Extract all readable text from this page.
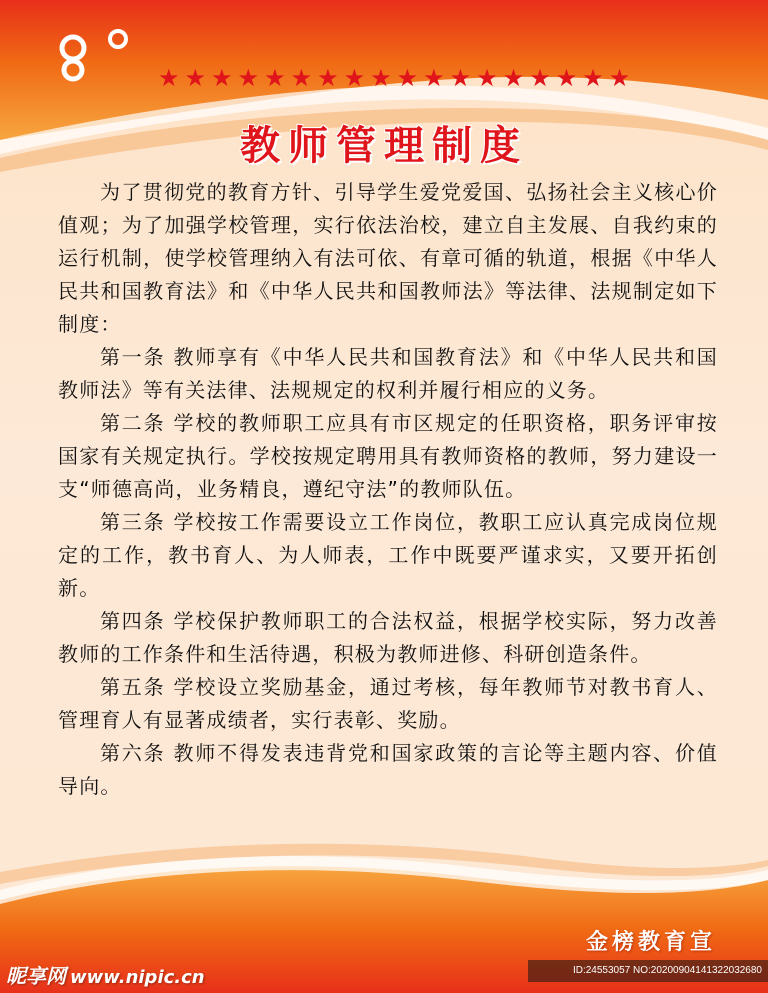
★★★★★★★★★★★★★★★★★★
教师管理制度

为了贯彻党的教育方针、引导学生爱党爱国、弘扬社会主义核心价值观；为了加强学校管理，实行依法治校，建立自主发展、自我约束的运行机制，使学校管理纳入有法可依、有章可循的轨道，根据《中华人民共和国教育法》和《中华人民共和国教师法》等法律、法规制定如下制度：

第一条 教师享有《中华人民共和国教育法》和《中华人民共和国教师法》等有关法律、法规规定的权利并履行相应的义务。

第二条 学校的教师职工应具有市区规定的任职资格，职务评审按国家有关规定执行。学校按规定聘用具有教师资格的教师，努力建设一支“师德高尚，业务精良，遵纪守法”的教师队伍。

第三条 学校按工作需要设立工作岗位，教职工应认真完成岗位规定的工作，教书育人、为人师表，工作中既要严谨求实，又要开拓创新。

第四条 学校保护教师职工的合法权益，根据学校实际，努力改善教师的工作条件和生活待遇，积极为教师进修、科研创造条件。

第五条 学校设立奖励基金，通过考核，每年教师节对教书育人、管理育人有显著成绩者，实行表彰、奖励。

第六条 教师不得发表违背党和国家政策的言论等主题内容、价值导向。

金榜教育宣
昵享网 www.nipic.cn	ID:24553057 NO:20200904141322032680
